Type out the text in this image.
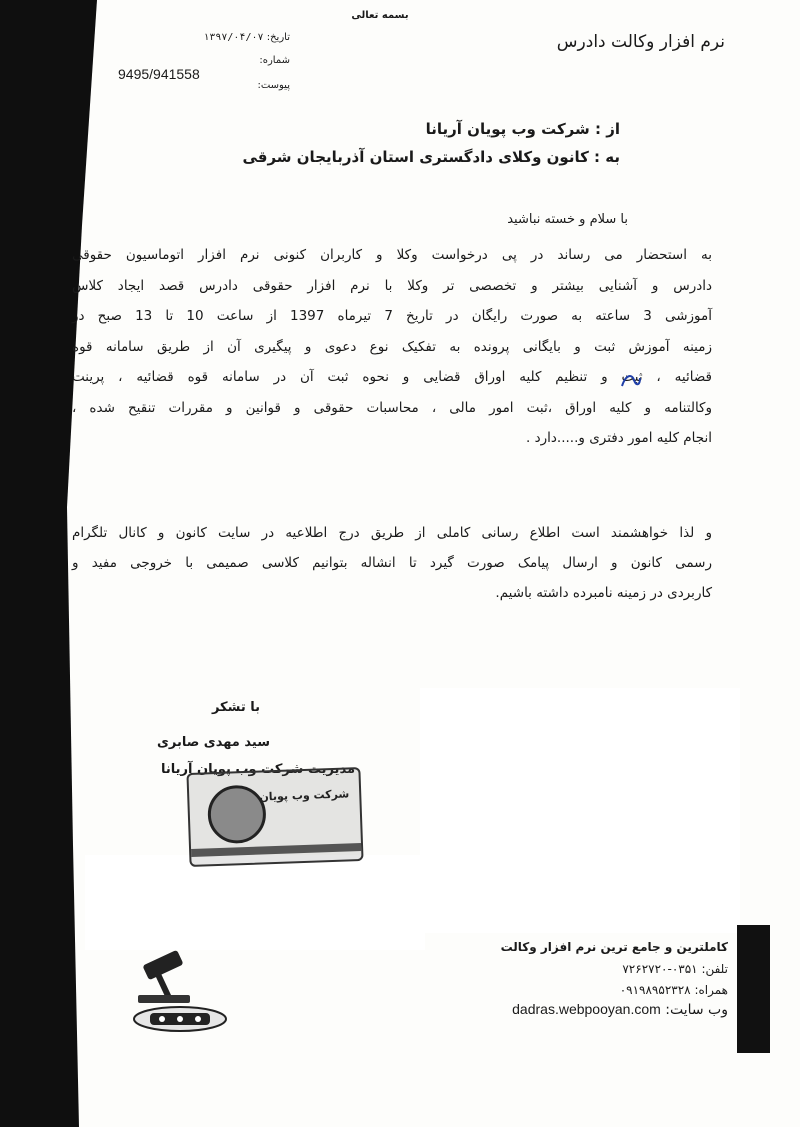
بسمه تعالی
نرم افزار وکالت دادرس
تاریخ: ۱۳۹۷/۰۴/۰۷
شماره:
9495/941558
پیوست:
از : شرکت وب پویان آریانا
به : کانون وکلای دادگستری استان آذربایجان شرقی
با سلام و خسته نباشید
به استحضار می رساند در پی درخواست وکلا و کاربران کنونی نرم افزار اتوماسیون حقوقی
دادرس و آشنایی بیشتر و تخصصی تر وکلا با نرم افزار حقوقی دادرس قصد ایجاد کلاس
آموزشی 3 ساعته به صورت رایگان در تاریخ 7 تیرماه 1397 از ساعت 10 تا 13 صبح در
زمینه آموزش ثبت و بایگانی پرونده به تفکیک نوع دعوی و پیگیری آن از طریق سامانه قوه
قضائیه ، ثبت و تنظیم کلیه اوراق قضایی و نحوه ثبت آن در سامانه قوه قضائیه ، پرینت
وکالتنامه و کلیه اوراق ،ثبت امور مالی ، محاسبات حقوقی و قوانین و مقررات تنقیح شده ،
انجام کلیه امور دفتری و.....دارد .
و لذا خواهشمند است اطلاع رسانی کاملی از طریق درج اطلاعیه در سایت کانون و کانال تلگرام
رسمی کانون و ارسال پیامک صورت گیرد تا انشاله بتوانیم کلاسی صمیمی با خروجی مفید و
کاربردی در زمینه نامبرده داشته باشیم.
با تشکر
سید مهدی صابری
مدیریت شرکت وب پویان آریانا
شرکت وب پویان
کاملترین و جامع ترین نرم افزار وکالت
تلفن: ۰۳۵۱-۷۲۶۲۷۲۰
همراه: ۰۹۱۹۸۹۵۲۳۲۸
وب سایت: dadras.webpooyan.com
